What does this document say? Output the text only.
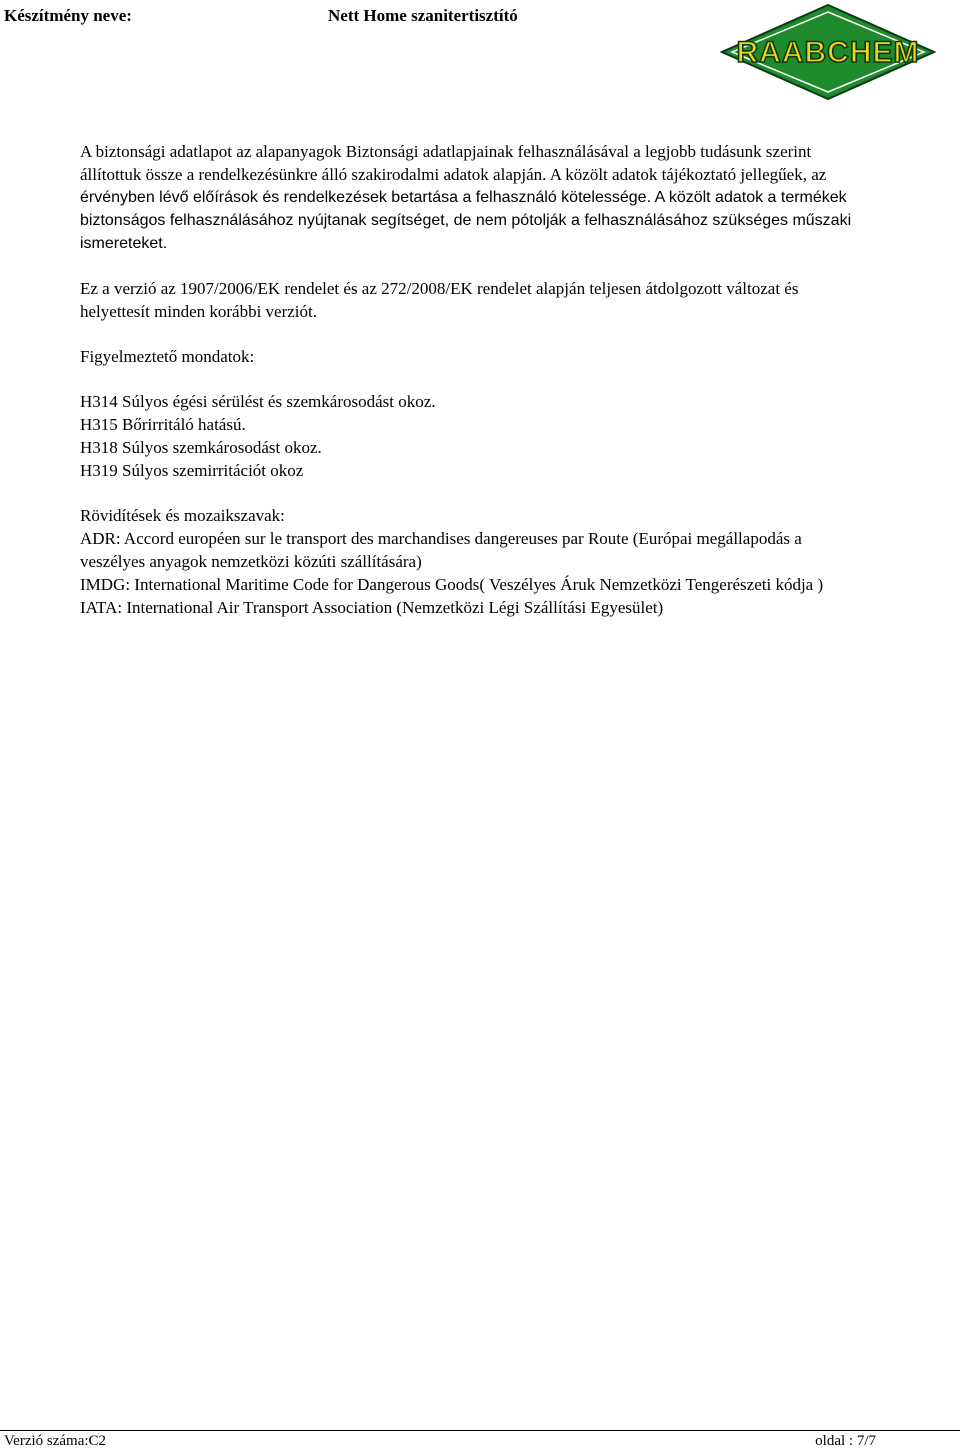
Készítmény neve:	Nett Home szanitertisztító
RAABCHEM

A biztonsági adatlapot az alapanyagok Biztonsági adatlapjainak felhasználásával a legjobb tudásunk szerint
állítottuk össze a rendelkezésünkre álló szakirodalmi adatok alapján. A közölt adatok tájékoztató jellegűek, az
érvényben lévő előírások és rendelkezések betartása a felhasználó kötelessége. A közölt adatok a termékek
biztonságos felhasználásához nyújtanak segítséget, de nem pótolják a felhasználásához szükséges műszaki
ismereteket.

Ez a verzió az 1907/2006/EK rendelet és az 272/2008/EK rendelet alapján teljesen átdolgozott változat és
helyettesít minden korábbi verziót.

Figyelmeztető mondatok:

H314 Súlyos égési sérülést és szemkárosodást okoz.
H315 Bőrirritáló hatású.
H318 Súlyos szemkárosodást okoz.
H319 Súlyos szemirritációt okoz

Rövidítések és mozaikszavak:

ADR: Accord européen sur le transport des marchandises dangereuses par Route (Európai megállapodás a
veszélyes anyagok nemzetközi közúti szállítására)
IMDG: International Maritime Code for Dangerous Goods( Veszélyes Áruk Nemzetközi Tengerészeti kódja )
IATA: International Air Transport Association (Nemzetközi Légi Szállítási Egyesület)

Verzió száma:C2	oldal : 7/7
